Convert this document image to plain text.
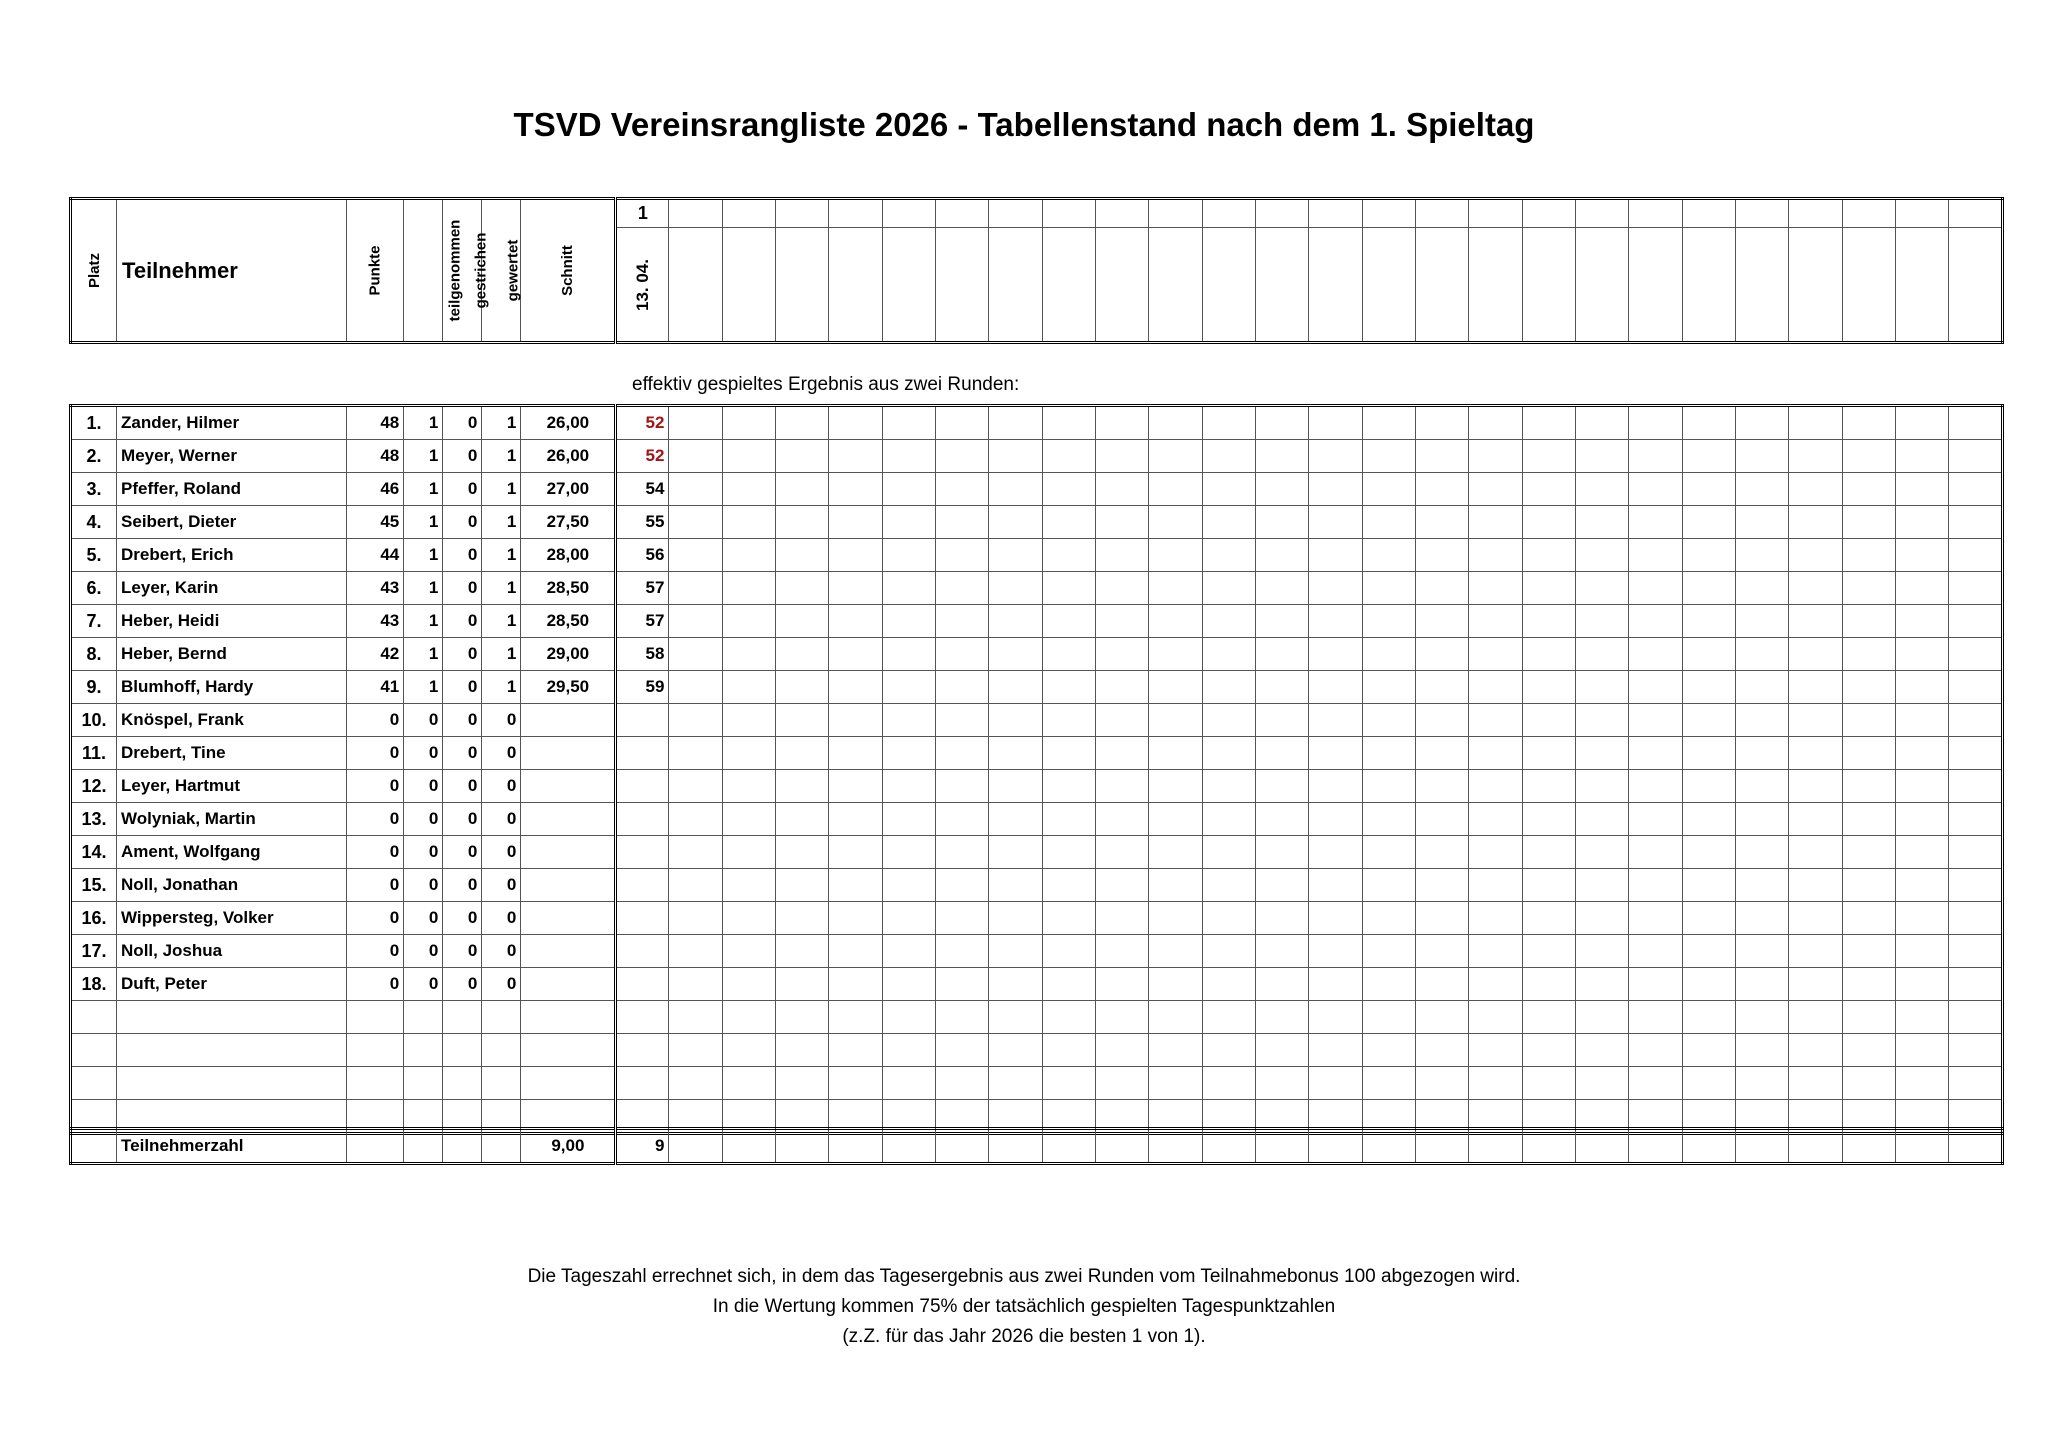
TSVD Vereinsrangliste 2026 - Tabellenstand nach dem 1. Spieltag
Platz	Teilnehmer	Punkte	teilgenommen	gestrichen	gewertet	Schnitt	1																									
							13. 04.																									
effektiv gespieltes Ergebnis aus zwei Runden:
1.	Zander, Hilmer	48	1	0	1	26,00	52																									
2.	Meyer, Werner	48	1	0	1	26,00	52																									
3.	Pfeffer, Roland	46	1	0	1	27,00	54																									
4.	Seibert, Dieter	45	1	0	1	27,50	55																									
5.	Drebert, Erich	44	1	0	1	28,00	56																									
6.	Leyer, Karin	43	1	0	1	28,50	57																									
7.	Heber, Heidi	43	1	0	1	28,50	57																									
8.	Heber, Bernd	42	1	0	1	29,00	58																									
9.	Blumhoff, Hardy	41	1	0	1	29,50	59																									
10.	Knöspel, Frank	0	0	0	0																											
11.	Drebert, Tine	0	0	0	0																											
12.	Leyer, Hartmut	0	0	0	0																											
13.	Wolyniak, Martin	0	0	0	0																											
14.	Ament, Wolfgang	0	0	0	0																											
15.	Noll, Jonathan	0	0	0	0																											
16.	Wippersteg, Volker	0	0	0	0																											
17.	Noll, Joshua	0	0	0	0																											
18.	Duft, Peter	0	0	0	0																											

	Teilnehmerzahl					9,00	9																									
Die Tageszahl errechnet sich, in dem das Tagesergebnis aus zwei Runden vom Teilnahmebonus 100 abgezogen wird.
In die Wertung kommen 75% der tatsächlich gespielten Tagespunktzahlen
(z.Z. für das Jahr 2026 die besten 1 von 1).
